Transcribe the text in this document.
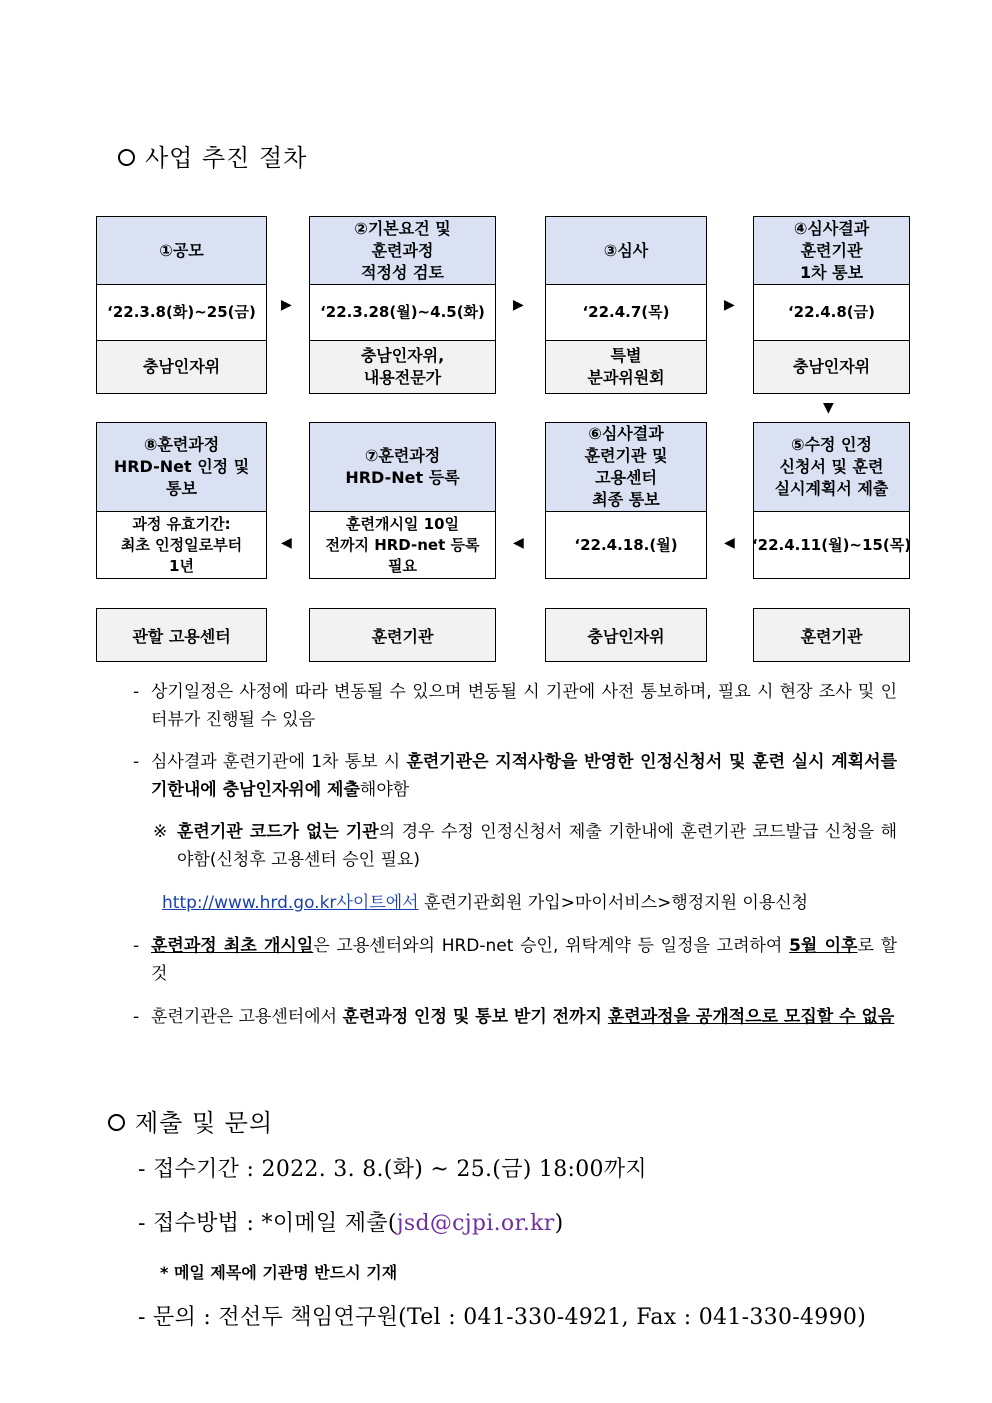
사업 추진 절차
①공모
‘22.3.8(화)~25(금)
충남인자위
②기본요건 및
훈련과정
적정성 검토
‘22.3.28(월)~4.5(화)
충남인자위,
내용전문가
③심사
‘22.4.7(목)
특별
분과위원회
④심사결과
훈련기관
1차 통보
‘22.4.8(금)
충남인자위
▶	▶	▶
▼
⑧훈련과정
HRD-Net 인정 및
통보
과정 유효기간:
최초 인정일로부터
1년
⑦훈련과정
HRD-Net 등록
훈련개시일 10일
전까지 HRD-net 등록
필요
⑥심사결과
훈련기관 및
고용센터
최종 통보
‘22.4.18.(월)
⑤수정 인정
신청서 및 훈련
실시계획서 제출
‘22.4.11(월)~15(목)
◀	◀	◀
관할 고용센터	훈련기관	충남인자위	훈련기관
- 상기일정은 사정에 따라 변동될 수 있으며 변동될 시 기관에 사전 통보하며, 필요 시 현장 조사 및 인터뷰가 진행될 수 있음
- 심사결과 훈련기관에 1차 통보 시 훈련기관은 지적사항을 반영한 인정신청서 및 훈련 실시 계획서를 기한내에 충남인자위에 제출해야함
※ 훈련기관 코드가 없는 기관의 경우 수정 인정신청서 제출 기한내에 훈련기관 코드발급 신청을 해야함(신청후 고용센터 승인 필요)
http://www.hrd.go.kr사이트에서 훈련기관회원 가입>마이서비스>행정지원 이용신청
- 훈련과정 최초 개시일은 고용센터와의 HRD-net 승인, 위탁계약 등 일정을 고려하여 5월 이후로 할 것
- 훈련기관은 고용센터에서 훈련과정 인정 및 통보 받기 전까지 훈련과정을 공개적으로 모집할 수 없음
제출 및 문의
- 접수기간 : 2022. 3. 8.(화) ~ 25.(금) 18:00까지
- 접수방법 : *이메일 제출(jsd@cjpi.or.kr)
* 메일 제목에 기관명 반드시 기재
- 문의 : 전선두 책임연구원(Tel : 041-330-4921, Fax : 041-330-4990)
